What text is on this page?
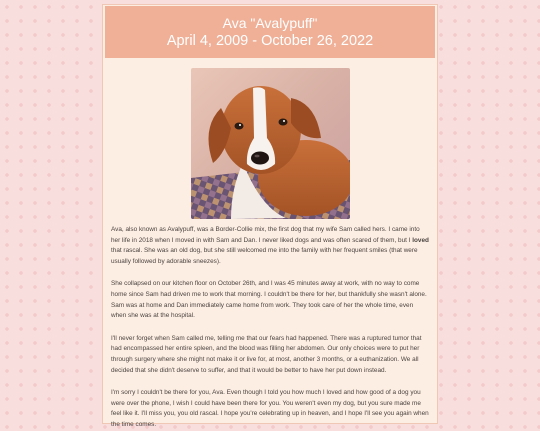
Ava "Avalypuff"
April 4, 2009 - October 26, 2022

Ava, also known as Avalypuff, was a Border-Collie mix, the first dog that my wife Sam called hers. I came into her life in 2018 when I moved in with Sam and Dan. I never liked dogs and was often scared of them, but I loved that rascal. She was an old dog, but she still welcomed me into the family with her frequent smiles (that were usually followed by adorable sneezes).

She collapsed on our kitchen floor on October 26th, and I was 45 minutes away at work, with no way to come home since Sam had driven me to work that morning. I couldn't be there for her, but thankfully she wasn't alone. Sam was at home and Dan immediately came home from work. They took care of her the whole time, even when she was at the hospital.

I'll never forget when Sam called me, telling me that our fears had happened. There was a ruptured tumor that had encompassed her entire spleen, and the blood was filling her abdomen. Our only choices were to put her through surgery where she might not make it or live for, at most, another 3 months, or a euthanization. We all decided that she didn't deserve to suffer, and that it would be better to have her put down instead.

I'm sorry I couldn't be there for you, Ava. Even though I told you how much I loved and how good of a dog you were over the phone, I wish I could have been there for you. You weren't even my dog, but you sure made me feel like it. I'll miss you, you old rascal. I hope you're celebrating up in heaven, and I hope I'll see you again when the time comes.
